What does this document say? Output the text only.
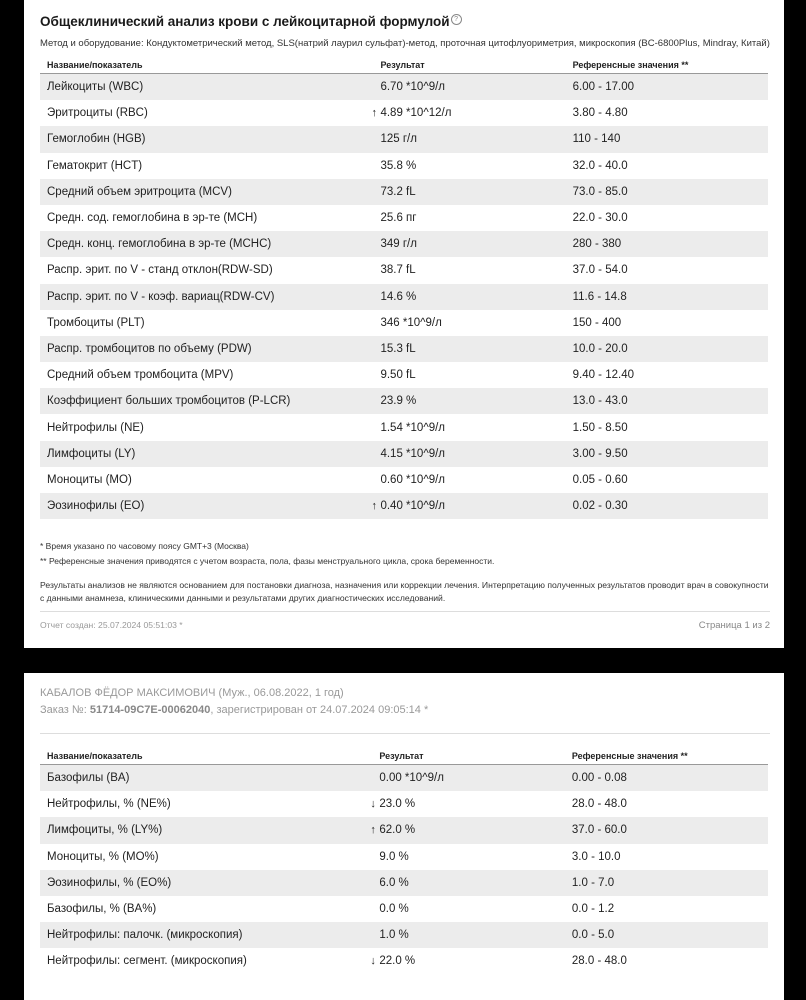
Общеклинический анализ крови с лейкоцитарной формулой ?
Метод и оборудование: Кондуктометрический метод, SLS(натрий лаурил сульфат)-метод, проточная цитофлуориметрия, микроскопия (BC-6800Plus, Mindray, Китай)
Название/показатель	Результат	Референсные значения **
Лейкоциты (WBC)	6.70 *10^9/л	6.00 - 17.00
Эритроциты (RBC)	↑ 4.89 *10^12/л	3.80 - 4.80
Гемоглобин (HGB)	125 г/л	110 - 140
Гематокрит (HCT)	35.8 %	32.0 - 40.0
Средний объем эритроцита (MCV)	73.2 fL	73.0 - 85.0
Средн. сод. гемоглобина в эр-те (MCH)	25.6 пг	22.0 - 30.0
Средн. конц. гемоглобина в эр-те (MCHC)	349 г/л	280 - 380
Распр. эрит. по V - станд отклон(RDW-SD)	38.7 fL	37.0 - 54.0
Распр. эрит. по V - коэф. вариац(RDW-CV)	14.6 %	11.6 - 14.8
Тромбоциты (PLT)	346 *10^9/л	150 - 400
Распр. тромбоцитов по объему (PDW)	15.3 fL	10.0 - 20.0
Средний объем тромбоцита (MPV)	9.50 fL	9.40 - 12.40
Коэффициент больших тромбоцитов (P-LCR)	23.9 %	13.0 - 43.0
Нейтрофилы (NE)	1.54 *10^9/л	1.50 - 8.50
Лимфоциты (LY)	4.15 *10^9/л	3.00 - 9.50
Моноциты (MO)	0.60 *10^9/л	0.05 - 0.60
Эозинофилы (EO)	↑ 0.40 *10^9/л	0.02 - 0.30
* Время указано по часовому поясу GMT+3 (Москва)
** Референсные значения приводятся с учетом возраста, пола, фазы менструального цикла, срока беременности.
Результаты анализов не являются основанием для постановки диагноза, назначения или коррекции лечения. Интерпретацию полученных результатов проводит врач в совокупности с данными анамнеза, клиническими данными и результатами других диагностических исследований.
Отчет создан: 25.07.2024 05:51:03 *	Страница 1 из 2
КАБАЛОВ ФЁДОР МАКСИМОВИЧ (Муж., 06.08.2022, 1 год)
Заказ №: 51714-09C7E-00062040, зарегистрирован от 24.07.2024 09:05:14 *
Название/показатель	Результат	Референсные значения **
Базофилы (BA)	0.00 *10^9/л	0.00 - 0.08
Нейтрофилы, % (NE%)	↓ 23.0 %	28.0 - 48.0
Лимфоциты, % (LY%)	↑ 62.0 %	37.0 - 60.0
Моноциты, % (MO%)	9.0 %	3.0 - 10.0
Эозинофилы, % (EO%)	6.0 %	1.0 - 7.0
Базофилы, % (BA%)	0.0 %	0.0 - 1.2
Нейтрофилы: палочк. (микроскопия)	1.0 %	0.0 - 5.0
Нейтрофилы: сегмент. (микроскопия)	↓ 22.0 %	28.0 - 48.0
